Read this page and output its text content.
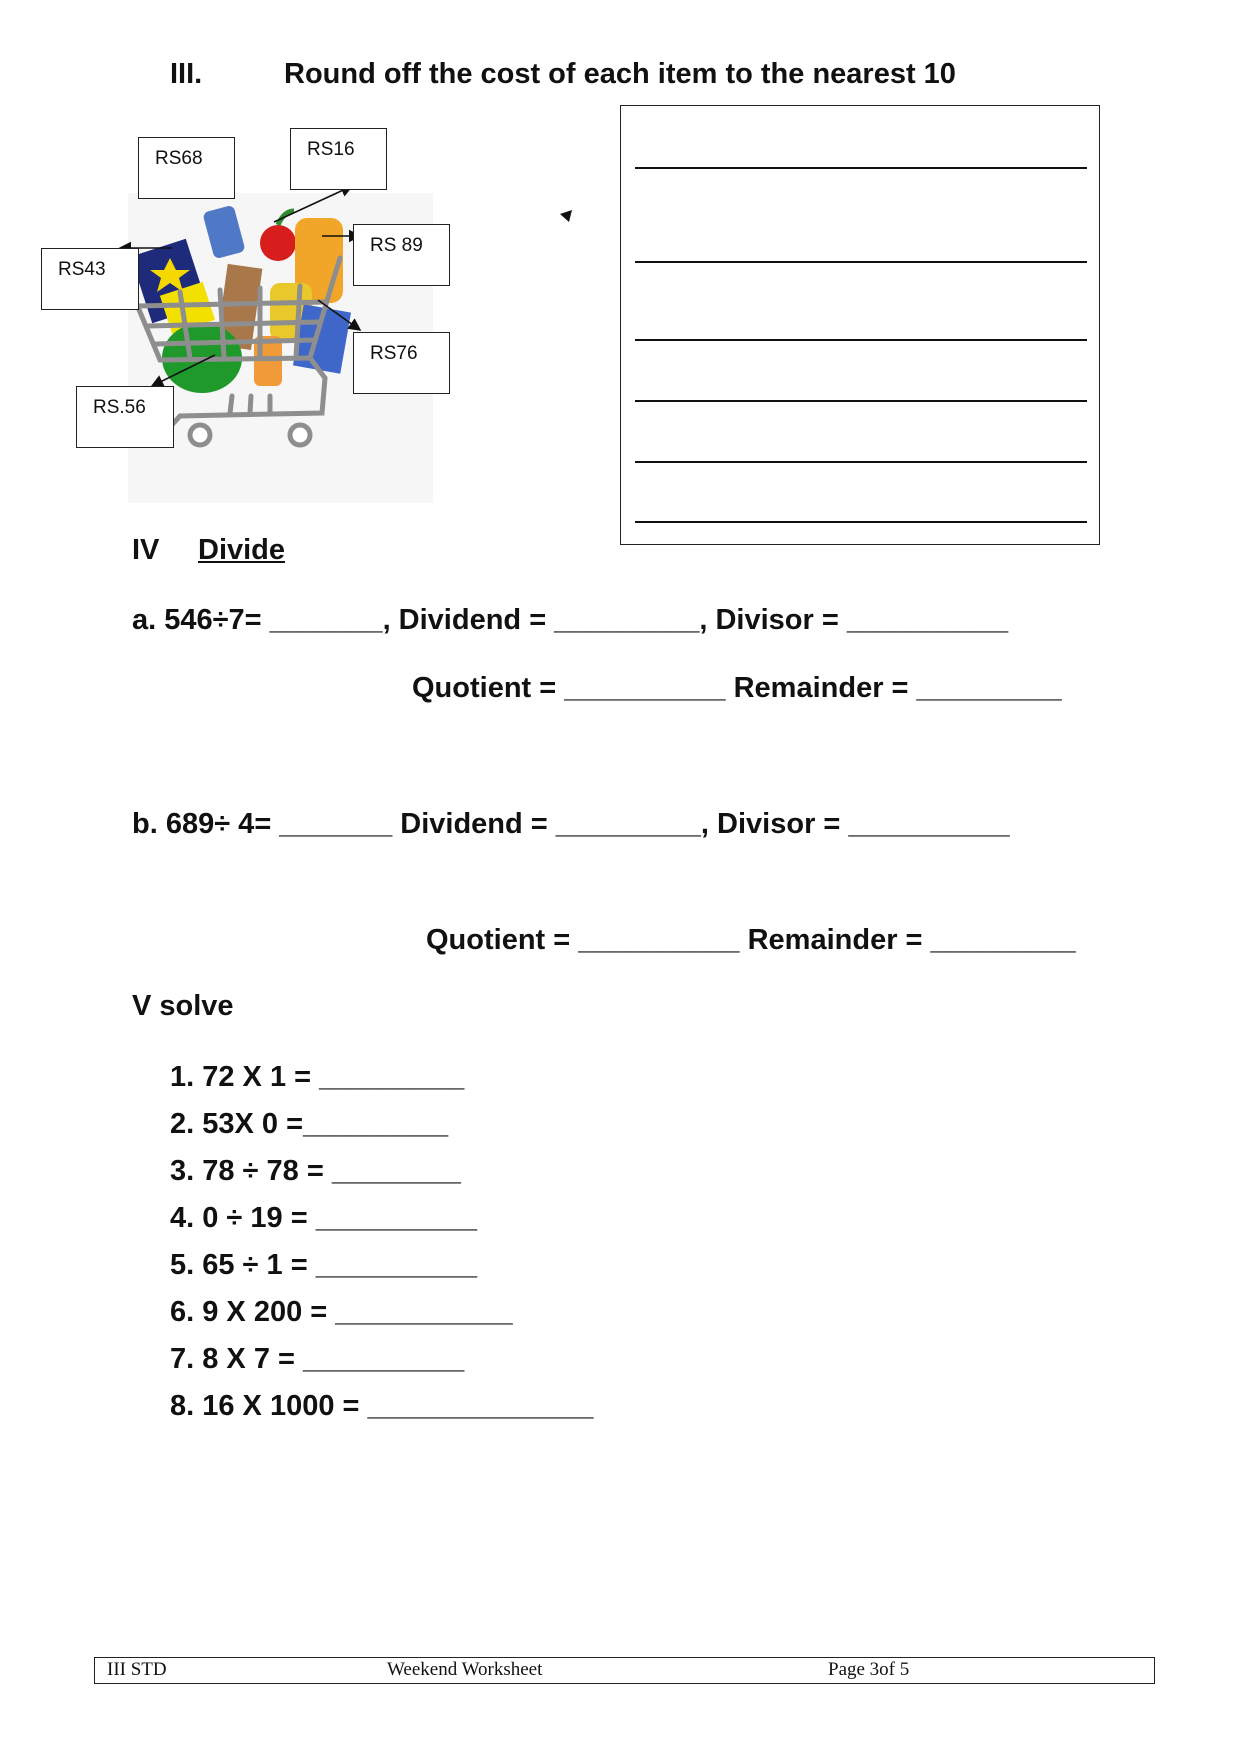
III.	Round off the cost of each item to the nearest 10
RS68	RS16
RS43
RS 89
RS76
RS.56
IV Divide
a. 546÷7= _______, Dividend = _________, Divisor = __________
Quotient = __________ Remainder = _________
b. 689÷ 4= _______ Dividend = _________, Divisor = __________
Quotient = __________ Remainder = _________
V solve
1. 72 X 1 = _________
2. 53X 0 =_________
3. 78 ÷ 78 = ________
4. 0 ÷ 19 = __________
5. 65 ÷ 1 = __________
6. 9 X 200 = ___________
7. 8 X 7 = __________
8. 16 X 1000 = ______________
III STD	Weekend Worksheet	Page 3of 5
